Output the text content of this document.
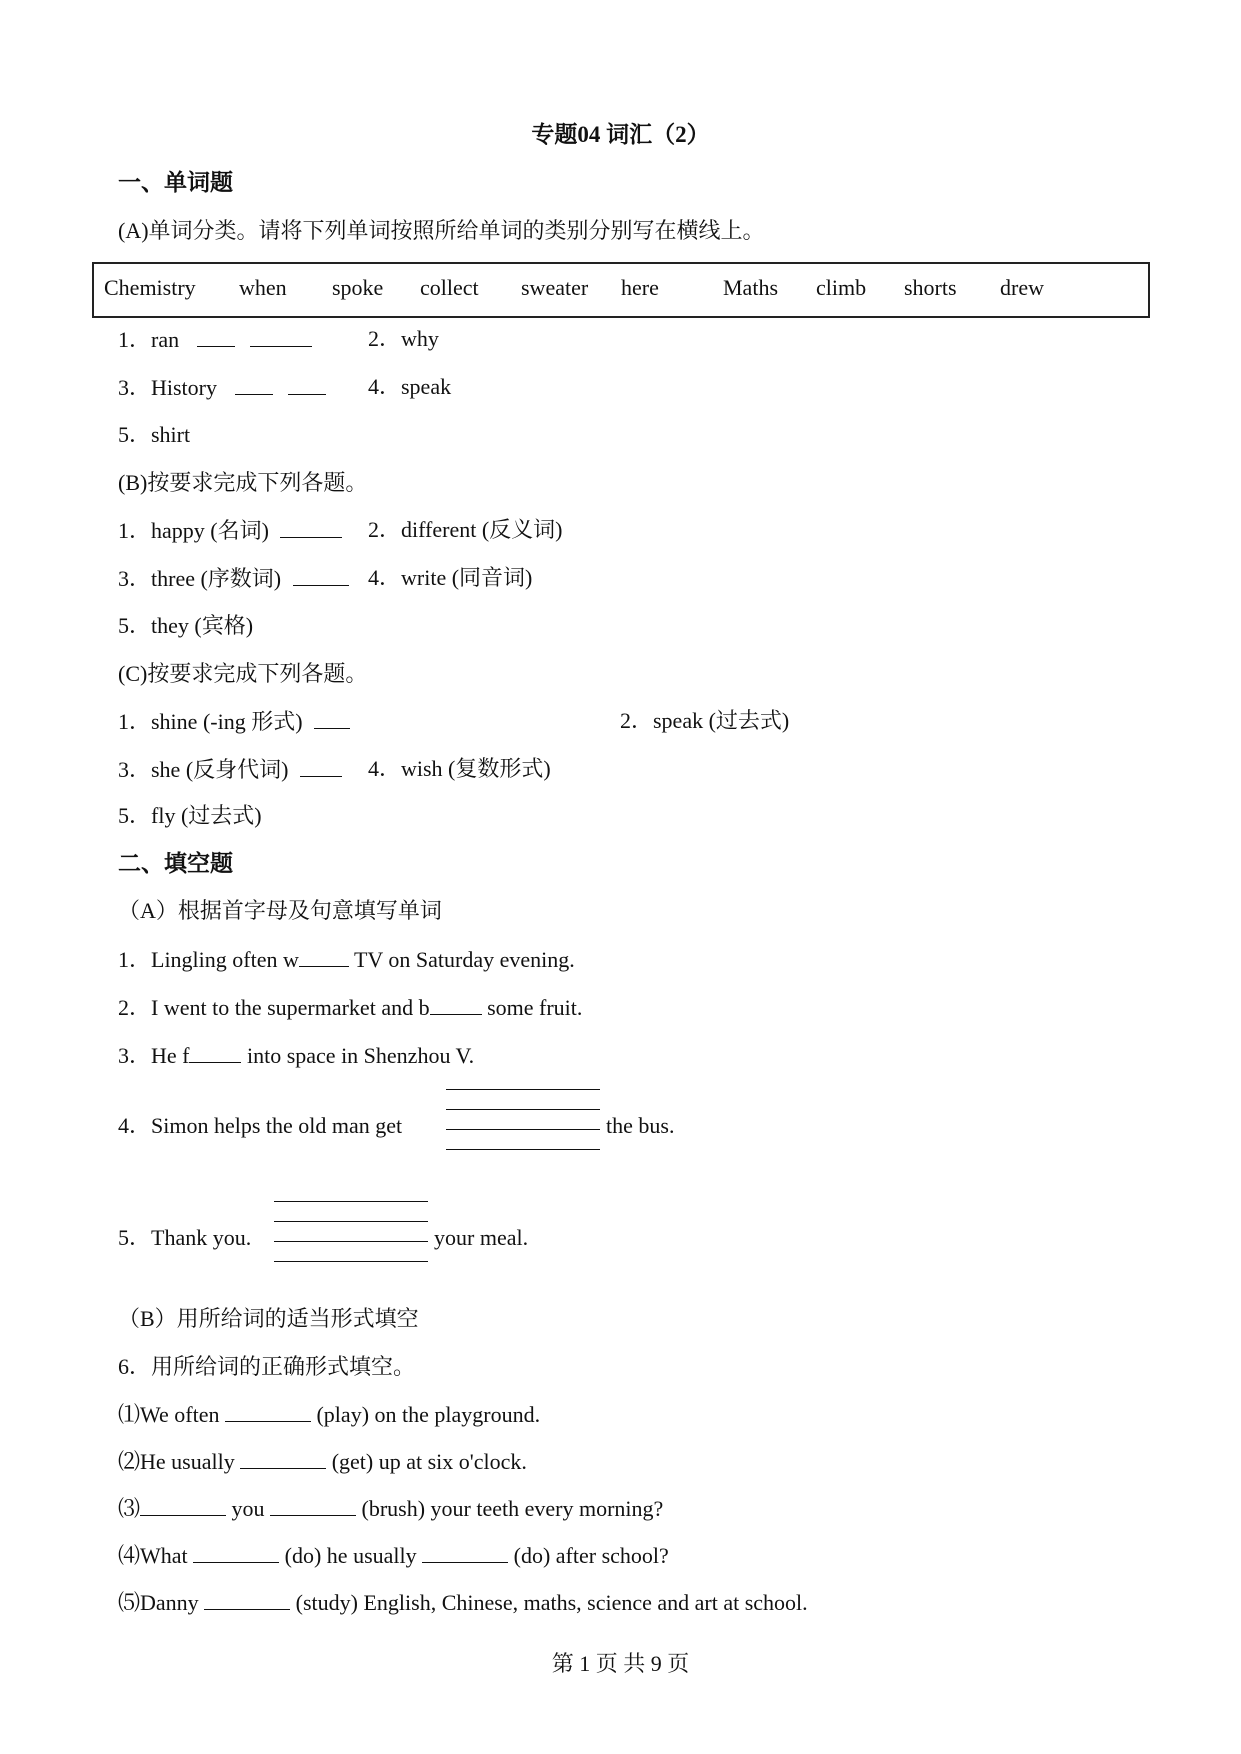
专题04 词汇（2）
一、单词题
(A)单词分类。请将下列单词按照所给单词的类别分别写在横线上。
Chemistry when spoke collect sweater here	Maths climb shorts drew
1．ran	2．why
3．History	4．speak
5．shirt
(B)按要求完成下列各题。
1．happy (名词)	2．different (反义词)
3．three (序数词)	4．write (同音词)
5．they (宾格)
(C)按要求完成下列各题。
1．shine (-ing 形式)	2．speak (过去式)
3．she (反身代词)	4．wish (复数形式)
5．fly (过去式)
二、填空题
（A）根据首字母及句意填写单词
1．Lingling often w TV on Saturday evening.
2．I went to the supermarket and b some fruit.
3．He f into space in Shenzhou V.
4．Simon helps the old man get	the bus.
5．Thank you.	your meal.
（B）用所给词的适当形式填空
6．用所给词的正确形式填空。
⑴We often	(play) on the playground.
⑵He usually	(get) up at six o'clock.
⑶	you	(brush) your teeth every morning?
⑷What	(do) he usually	(do) after school?
⑸Danny	(study) English, Chinese, maths, science and art at school.
第 1 页 共 9 页
